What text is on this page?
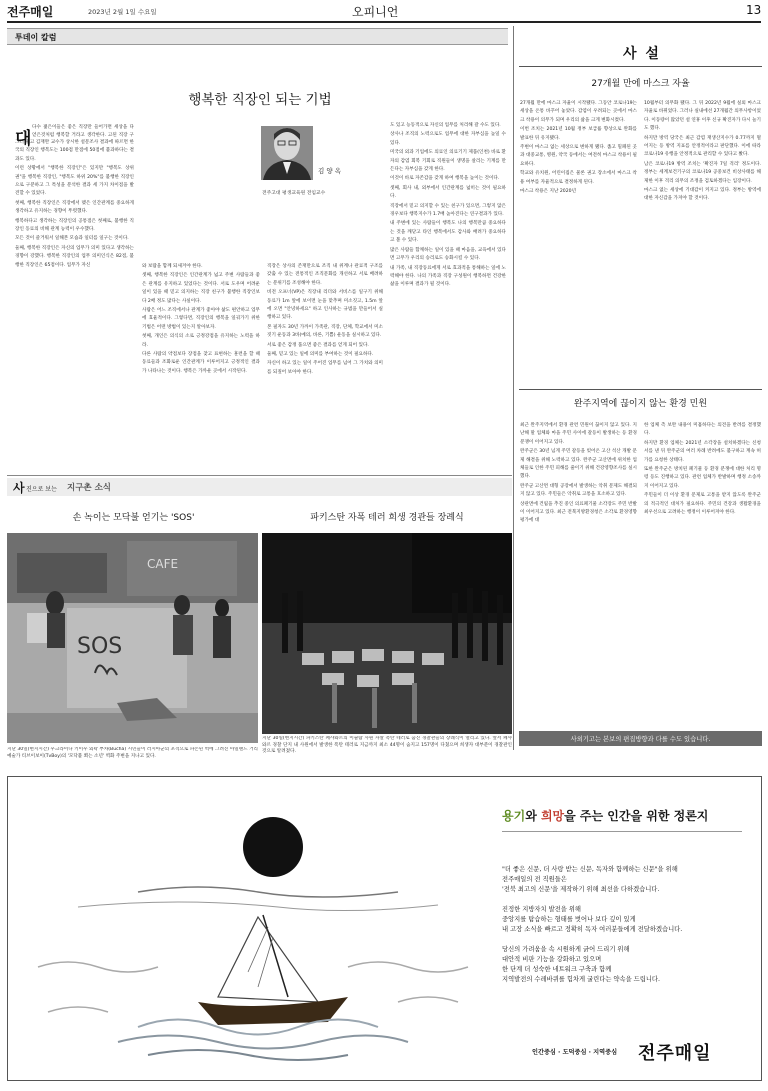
전주매일	2023년 2월 1일 수요일	오피니언	13
투데이 칼럼
행복한 직장인 되는 기법
김 양 옥
전주고대 평생교육원 전임교수
대

다수 젊은이들은 좋은 직장만 들어가면 세상을 다 얻은것처럼 행복할 거라고 생각한다. 고된 직장 구

그러나 고 김재완 교수가 상시한 설문조사 결과에 따르면 한국의 직장인 행복도는 100점 만점에 50점에 불과하다는 결과도 있다.

이런 상황에서 "행복한 직장인"은 있지만 "행복도 상위권"을 행복한 직장인, "행복도 하위 20%"를 불행한 직장인으로 구분하고 그 특성을 분석한 결과 세 가지 차이점을 발견할 수 있었다.

첫째, 행복한 직장인은 직장에서 맺은 인간관계를 중요하게 생각하고 유지하는 경향이 뚜렷했다.

행복하다고 생각하는 직장인의 공통점은 첫째로, 불행한 직장인 동료의 비해 관계 능력이 우수했다.

모든 것이 즐거워서 일해본 모습과 일터를 일구는 것이다.

둘째, 행복한 직장인은 자신의 업무가 의미 있다고 생각하는 경향이 강했다. 행복한 직장인의 업무 의미인식은 82점, 불행한 직장인은 65점이다. 업무가 자신	와 보람을 함께 되새겨야 한다.

셋째, 행복한 직장인은 인간관계가 넓고 주변 사람들과 좋은 관계를 유지하고 있었다는 것이다. 서로 도우며 어려운 일이 있을 때 믿고 의지하는 직장 친구가 불행한 직장인보다 2배 정도 많다는 사실이다.

사람은 어느 조직에서나 관계가 좋아야 삶도 편안하고 업무에 효율적이다. 그렇다면, 직장인의 행복을 일궈가기 위한 기법은 어떤 방법이 있는지 알아보자.

첫째, 개인은 의식의 소로 긍정강점을 유지하는 노력을 하라.

다른 사람의 약점보다 장점을 찾고 표현하는 훈련을 할 때 동료들과 조화로운 인간관계가 이루어지고 긍정적인 결과가 나타나는 것이다. 행복은 가까운 곳에서 시작된다.

직장은 상사의 존재만으로 조직 내 위계나 관료적 구조를 갖출 수 있는 전통적인 조직문화를 개선하고 서로 배려하는 분위기를 조성해야 한다.

비전 오프너(VP)은 직장내 리더와 서비스를 일구기 위해 동료가 1m 앞에 보이면 눈을 맞추며 미소짓고, 1.5m 앞에 오면 "안녕하세요" 하고 인사하는 규범을 만들어서 실행하고 있다.

본 필자도 30년 가까이 가족관, 직장, 단체, 학교에서 미소짓기 운동과 3바(예의, 바른, 기쁨) 운동을 실시하고 있다.

서로 좋은 감정 품으면 좋은 결과를 얻게 되어 있다.

둘째, 믿고 있는 일에 의미를 부여하는 것이 필요하다.

자신이 하고 있는 일이 주어진 업무를 넘어 그 가치와 의미를 되짚어 보아야 한다.

도 있고 능동적으로 자신의 업무를 처리해 갈 수도 있다.

상사나 조직의 노력으로도 업무에 대한 자부심을 높일 수 있다.

미국의 외과 기업에도 의료인 의료기기 제품(인천) 바로 환자의 감염 회복 기회로 직원들이 생명을 살리는 기계를 만든다는 자부심을 갖게 한다.

이것이 바로 자존감을 갖게 하여 행복을 높이는 것이다.

셋째, 회사 내, 외부에서 인간관계를 넓히는 것이 필요하다.

직장에서 믿고 의지할 수 있는 친구가 있으면, 그렇지 않은 경우보다 행복지수가 1.7배 높아진다는 연구결과가 있다.

내 주변에 있는 사람들이 행복도 나의 행복만큼 중요하다는 것을 깨닫고 타인 행복에서도 감사와 배려가 중요하다고 볼 수 있다.

많은 사람들 함께하는 일이 있을 때 마음을, 교육에서 있다면 고무가 우리의 승리로도 승화시킬 수 있다.

내 가족, 내 직장동료에게 서로 효과적을 통해하는 일에 노력해야 한다. 나의 가족과 직장 구성원이 행복하면 건강한 삶을 이루며 결과가 될 것이다.

사 설
27개월 만에 마스크 자율

27개월 만에 마스크 자율이 시작됐다. 그동안 코로나19는 세상을 온통 바꾸어 놓았다. 감염이 우려되는 곳에서 마스크 착용이 의무가 되며 우리의 삶을 크게 변화시켰다.

이번 조치는 2021년 10월 정부 보급률 향상으로 완화를 발표한 뒤 유지됐다.

주변이 마스크 없는 세상으로 변하게 됐다. 좁고 밀폐된 곳과 대중교통, 병원, 약국 등에서는 여전히 마스크 착용이 필요하다.

학교와 유치원, 어린이집은 물론 권고 장소에서 마스크 착용 여부를 자율적으로 결정하게 된다.

마스크 착용은 지난 2020년

10월부터 의무화 됐다. 그 뒤 2022년 9월에 실외 마스크 자율로 바뀌었다. 그러나 실내에선 27개월간 의무사항이었다. 이동량이 많았던 설 연휴 이후 신규 확진자가 다시 늘기도 했다.

하지만 방역 당국은 최근 감염 재생산지수가 0.77까지 떨어지는 등 방역 지표를 안정적이라고 판단했다. 이에 따라 코로나19 유행을 안정적으로 관리할 수 있다고 봤다.

남은 코로나19 방역 조치는 '확진자 7일 격리' 정도이다. 정부는 세계보건기구의 코로나19 공중보건 비상사태를 해제한 이후 격리 의무의 조정을 검토하겠다는 입장이다.

마스크 없는 세상에 기대감이 커지고 있다. 정부는 방역에 대한 자신감을 가져야 할 것이다.

완주지역에 끊이지 않는 환경 민원

최근 완주지역에서 환경 관련 민원이 끊이지 않고 있다. 지난해 말 업체와 마을 주민 사이에 갈등이 발생하는 등 환경 분쟁이 이어지고 있다.

완주군은 30년 넘게 주민 갈등을 빚어온 고산 석산 개발 문제 해결을 위해 노력하고 있다. 완주군 고산면에 위치한 업체들로 인한 주민 피해를 줄이기 위해 건강영향조사를 실시했다.

완주군 고산면 대형 공장에서 발생하는 악취 문제도 해결되지 않고 있다. 주민들은 악취로 고통을 호소하고 있다.

상관면에 건립을 추진 중인 의료폐기물 소각장도 주민 반발이 이어지고 있다. 최근 전북지방환경청은 소각로 환경영향평가에 대

한 업체 측 보완 내용이 미흡하다는 의견을 반려를 결정했다.

하지만 환경 업체는 2021년 소각장을 설치하겠다는 신청서를 낸 뒤 완주군의 여러 차례 반려에도 불구하고 계속 허가를 요청한 상태다.

또한 완주군은 방치된 폐기물 등 환경 분쟁에 대한 처리 명령 등도 진행하고 있다. 관련 업체가 반발하며 행정 소송까지 이어지고 있다.

주민들이 더 이상 환경 문제로 고통을 받지 않도록 완주군의 적극적인 대처가 필요하다. 주민의 건강과 생활환경을 최우선으로 고려하는 행정이 이루어져야 한다.

사외기고는 본보의 편집방향과 다를 수도 있습니다.
사 진으로 보는 지구촌 소식
손 녹이는 모닥불 얻기는 'SOS'	파키스탄 자폭 테러 희생 경관들 장례식
CAFE
SOS
지난 30일(현지시간) 우크라이나 키이우 외곽 부차(Bucha) 시민들이 러시아군의 포격으로 파손된 벽에 그려진 아일랜드 거리 예술가 티브이보이(TvBoy)의 '모닥불 쬐는 소년' 벽화 주변을 지나고 있다.
지난 30일(현지시간) 파키스탄 페샤와르의 이슬람 사원 자살 폭탄 테러로 숨진 경찰관들의 장례식이 열리고 있다. 앞서 페샤와르 경찰 단지 내 사원에서 발생한 폭탄 테러로 지금까지 최소 44명이 숨지고 157명이 다쳤으며 희생자 대부분이 경찰관인 것으로 알려졌다.
용기와 희망을 주는 인간을 위한 정론지
"더 좋은 신문, 더 사랑 받는 신문, 독자와 함께하는 신문"을 위해
전주매일의 전 직원들은
'전북 최고의 신문'을 제작하기 위해 최선을 다하겠습니다.
진정한 지방자치 발전을 위해
중앙지를 탐습하는 형태를 벗어나 보다 깊이 있게
내 고장 소식을 빠르고 정확히 독자 여러분들에게 전달하겠습니다.
당신의 가려움을 속 시원하게 긁어 드리기 위해
대안적 비판 기능을 강화하고 있으며
한 단계 더 성숙한 네트워크 구축과 함께
지역발전의 수레바퀴를 힘차게 굴린다는 약속을 드립니다.
인간중심 · 도덕중심 · 지역중심 전주매일
